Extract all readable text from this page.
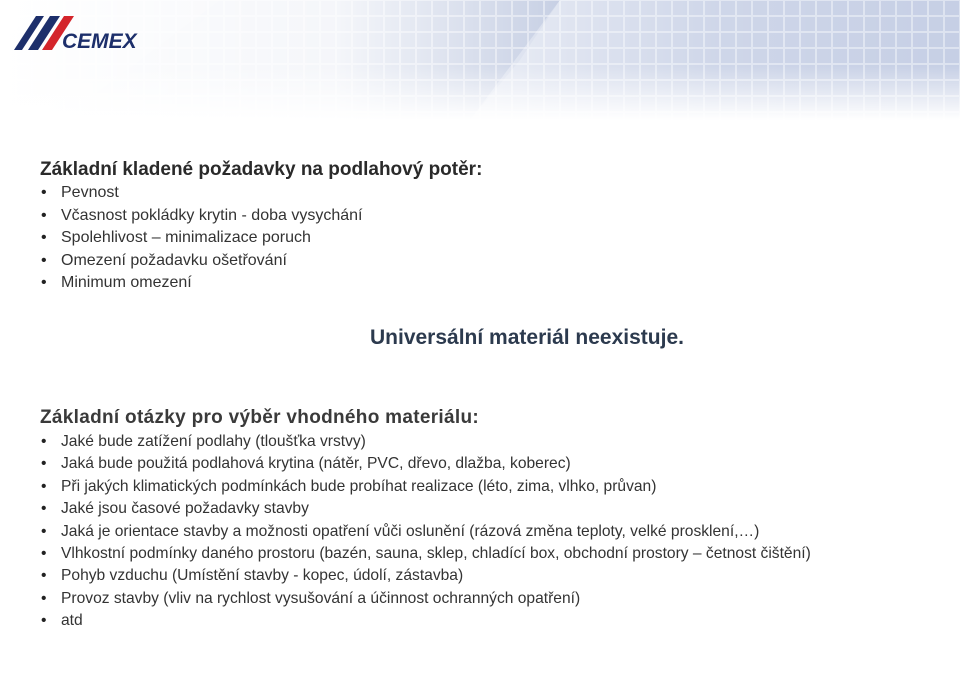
CEMEX
Základní kladené požadavky na podlahový potěr:
• Pevnost
• Včasnost pokládky krytin - doba vysychání
• Spolehlivost – minimalizace poruch
• Omezení požadavku ošetřování
• Minimum omezení
Universální materiál neexistuje.
Základní otázky pro výběr vhodného materiálu:
• Jaké bude zatížení podlahy (tloušťka vrstvy)
• Jaká bude použitá podlahová krytina (nátěr, PVC, dřevo, dlažba, koberec)
• Při jakých klimatických podmínkách bude probíhat realizace (léto, zima, vlhko, průvan)
• Jaké jsou časové požadavky stavby
• Jaká je orientace stavby a možnosti opatření vůči oslunění (rázová změna teploty, velké prosklení,…)
• Vlhkostní podmínky daného prostoru (bazén, sauna, sklep, chladící box, obchodní prostory – četnost čištění)
• Pohyb vzduchu (Umístění stavby - kopec, údolí, zástavba)
• Provoz stavby (vliv na rychlost vysušování a účinnost ochranných opatření)
• atd
